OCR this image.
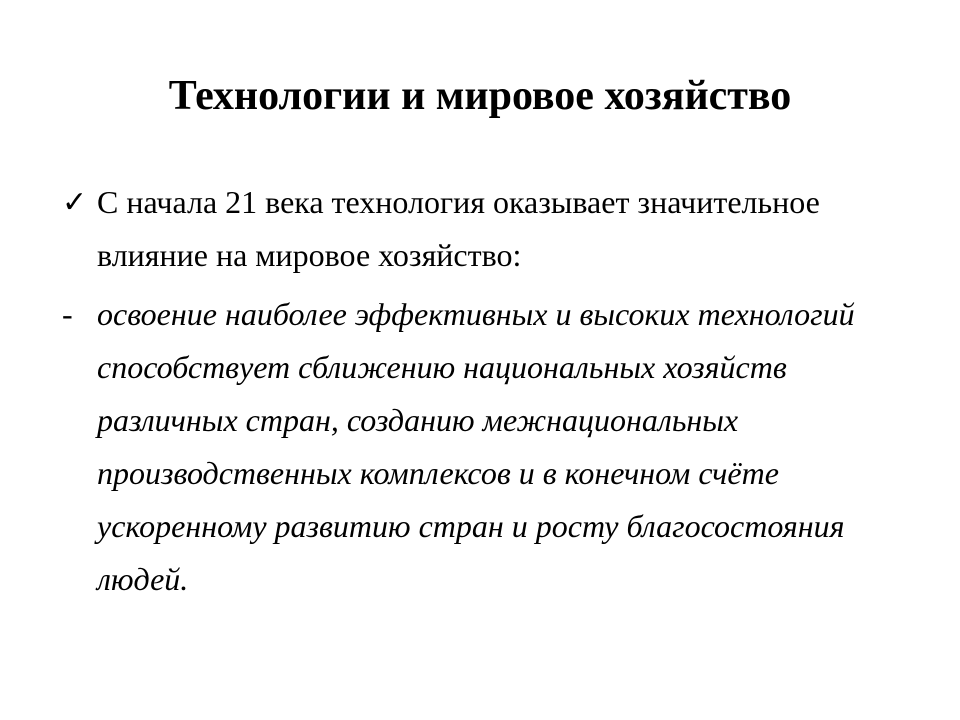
Технологии и мировое хозяйство

✓ С начала 21 века технология оказывает значительное влияние на мировое хозяйство:

- освоение наиболее эффективных и высоких технологий способствует сближению национальных хозяйств различных стран, созданию межнациональных производственных комплексов и в конечном счёте ускоренному развитию стран и росту благосостояния людей.
